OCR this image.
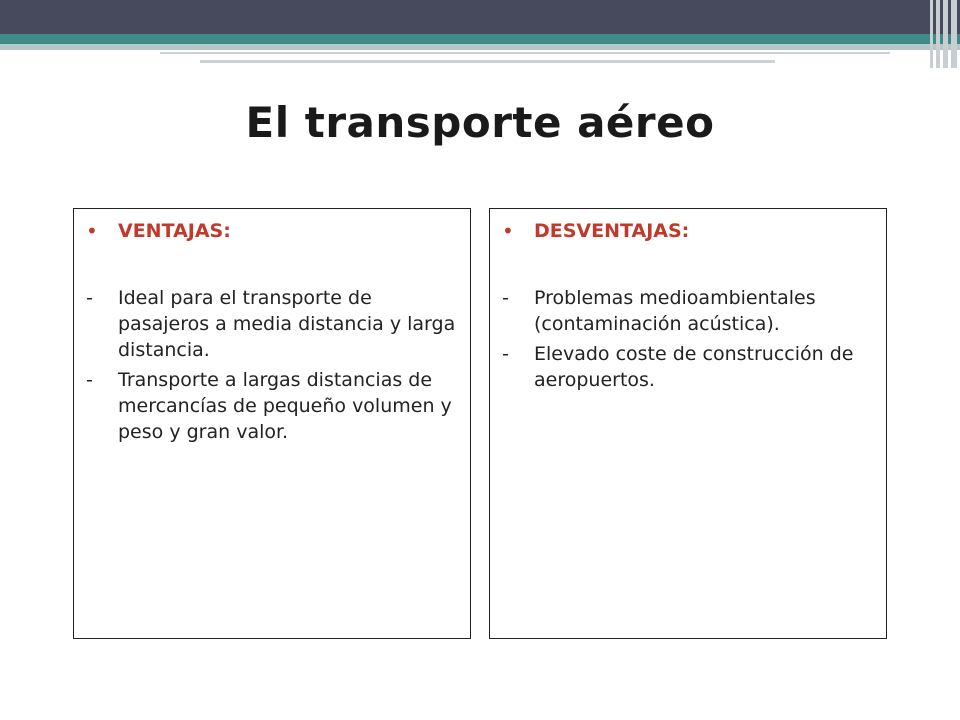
El transporte aéreo
•	VENTAJAS:
-	Ideal para el transporte de pasajeros a media distancia y larga distancia.
-	Transporte a largas distancias de mercancías de pequeño volumen y peso y gran valor.
•	DESVENTAJAS:
-	Problemas medioambientales (contaminación acústica).
-	Elevado coste de construcción de aeropuertos.
